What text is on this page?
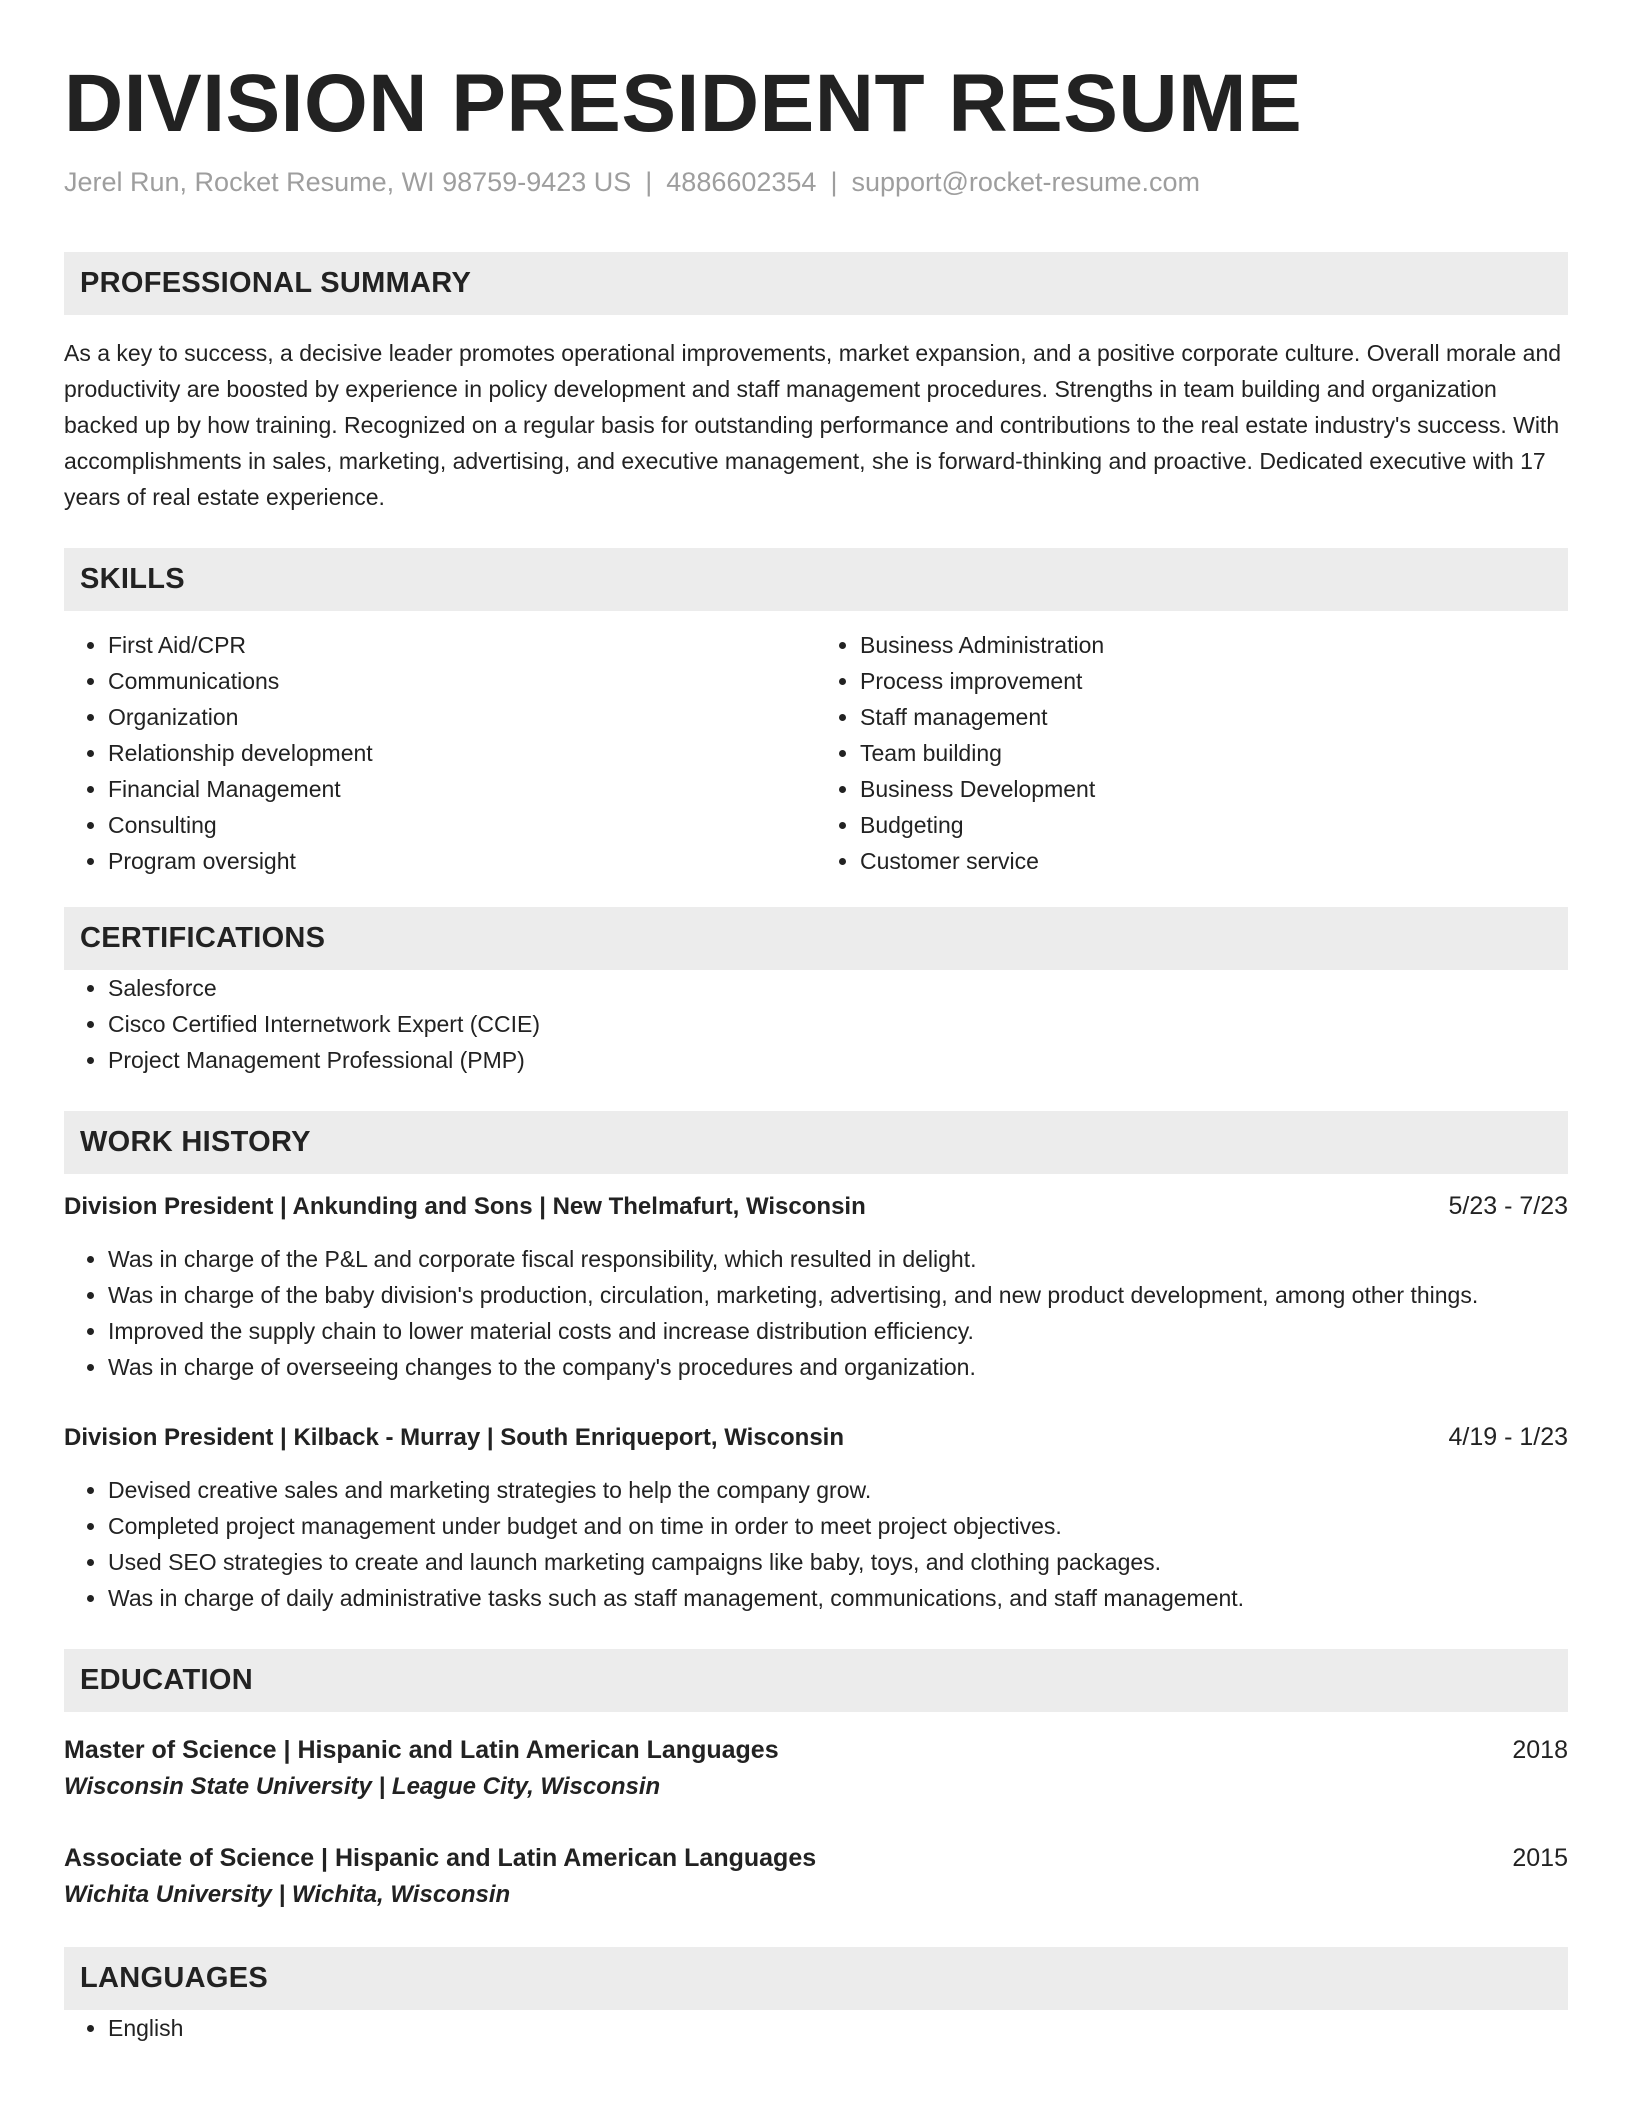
DIVISION PRESIDENT RESUME
Jerel Run, Rocket Resume, WI 98759-9423 US | 4886602354 | support@rocket-resume.com
PROFESSIONAL SUMMARY

As a key to success, a decisive leader promotes operational improvements, market expansion, and a positive corporate culture. Overall morale and productivity are boosted by experience in policy development and staff management procedures. Strengths in team building and organization backed up by how training. Recognized on a regular basis for outstanding performance and contributions to the real estate industry's success. With accomplishments in sales, marketing, advertising, and executive management, she is forward-thinking and proactive. Dedicated executive with 17 years of real estate experience.

SKILLS
• First Aid/CPR
• Communications
• Organization
• Relationship development
• Financial Management
• Consulting
• Program oversight
• Business Administration
• Process improvement
• Staff management
• Team building
• Business Development
• Budgeting
• Customer service
CERTIFICATIONS
• Salesforce
• Cisco Certified Internetwork Expert (CCIE)
• Project Management Professional (PMP)
WORK HISTORY
Division President | Ankunding and Sons | New Thelmafurt, Wisconsin	5/23 - 7/23
• Was in charge of the P&L and corporate fiscal responsibility, which resulted in delight.
• Was in charge of the baby division's production, circulation, marketing, advertising, and new product development, among other things.
• Improved the supply chain to lower material costs and increase distribution efficiency.
• Was in charge of overseeing changes to the company's procedures and organization.
Division President | Kilback - Murray | South Enriqueport, Wisconsin	4/19 - 1/23
• Devised creative sales and marketing strategies to help the company grow.
• Completed project management under budget and on time in order to meet project objectives.
• Used SEO strategies to create and launch marketing campaigns like baby, toys, and clothing packages.
• Was in charge of daily administrative tasks such as staff management, communications, and staff management.
EDUCATION
Master of Science | Hispanic and Latin American Languages	2018
Wisconsin State University | League City, Wisconsin
Associate of Science | Hispanic and Latin American Languages	2015
Wichita University | Wichita, Wisconsin
LANGUAGES
• English
